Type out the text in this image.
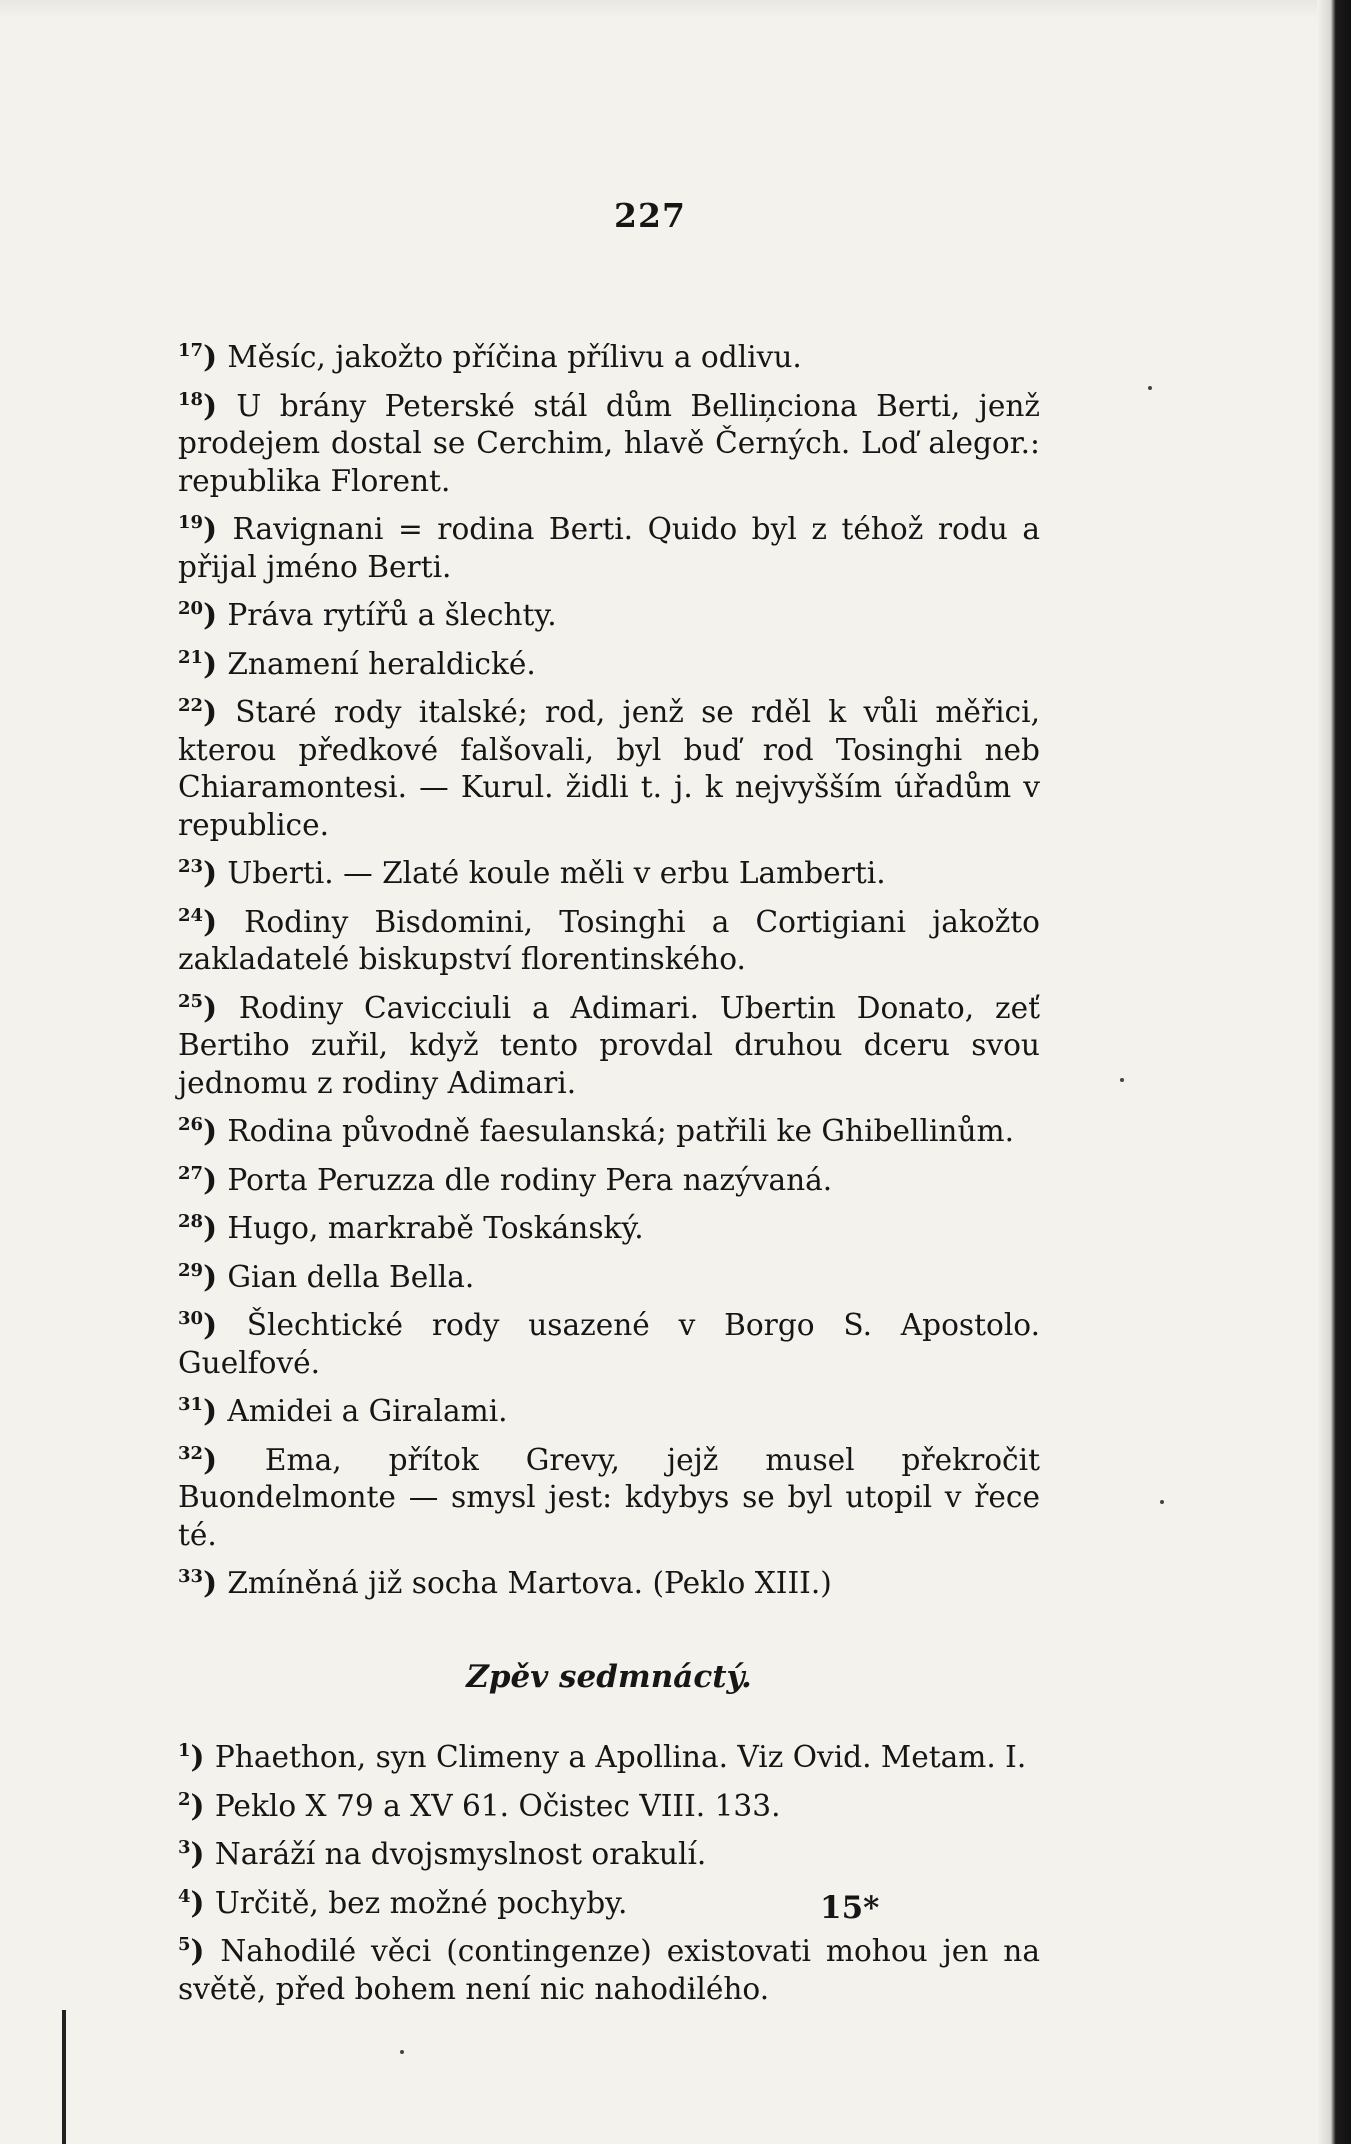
227

$^{17}$) Měsíc, jakožto příčina přílivu a odlivu.

$^{18}$) U brány Peterské stál dům Belliņciona Berti, jenž prodejem dostal se Cerchim, hlavě Černých. Loď alegor.: republika Florent.

$^{19}$) Ravignani = rodina Berti. Quido byl z téhož rodu a přijal jméno Berti.

$^{20}$) Práva rytířů a šlechty.

$^{21}$) Znamení heraldické.

$^{22}$) Staré rody italské; rod, jenž se rděl k vůli měřici, kterou předkové falšovali, byl buď rod Tosinghi neb Chiaramontesi. — Kurul. židli t. j. k nejvyšším úřadům v republice.

$^{23}$) Uberti. — Zlaté koule měli v erbu Lamberti.

$^{24}$) Rodiny Bisdomini, Tosinghi a Cortigiani jakožto zakladatelé biskupství florentinského.

$^{25}$) Rodiny Cavicciuli a Adimari. Ubertin Donato, zeť Bertiho zuřil, když tento provdal druhou dceru svou jednomu z rodiny Adimari.

$^{26}$) Rodina původně faesulanská; patřili ke Ghibellinům.

$^{27}$) Porta Peruzza dle rodiny Pera nazývaná.

$^{28}$) Hugo, markrabě Toskánský.

$^{29}$) Gian della Bella.

$^{30}$) Šlechtické rody usazené v Borgo S. Apostolo. Guelfové.

$^{31}$) Amidei a Giralami.

$^{32}$) Ema, přítok Grevy, jejž musel překročit Buondelmonte — smysl jest: kdybys se byl utopil v řece té.

$^{33}$) Zmíněná již socha Martova. (Peklo XIII.)

Zpěv sedmnáctý.

$^1$) Phaethon, syn Climeny a Apollina. Viz Ovid. Metam. I.

$^2$) Peklo X 79 a XV 61. Očistec VIII. 133.

$^3$) Naráží na dvojsmyslnost orakulí.

$^4$) Určitě, bez možné pochyby.

$^5$) Nahodilé věci (contingenze) existovati mohou jen na světě, před bohem není nic nahodilého.

15*
